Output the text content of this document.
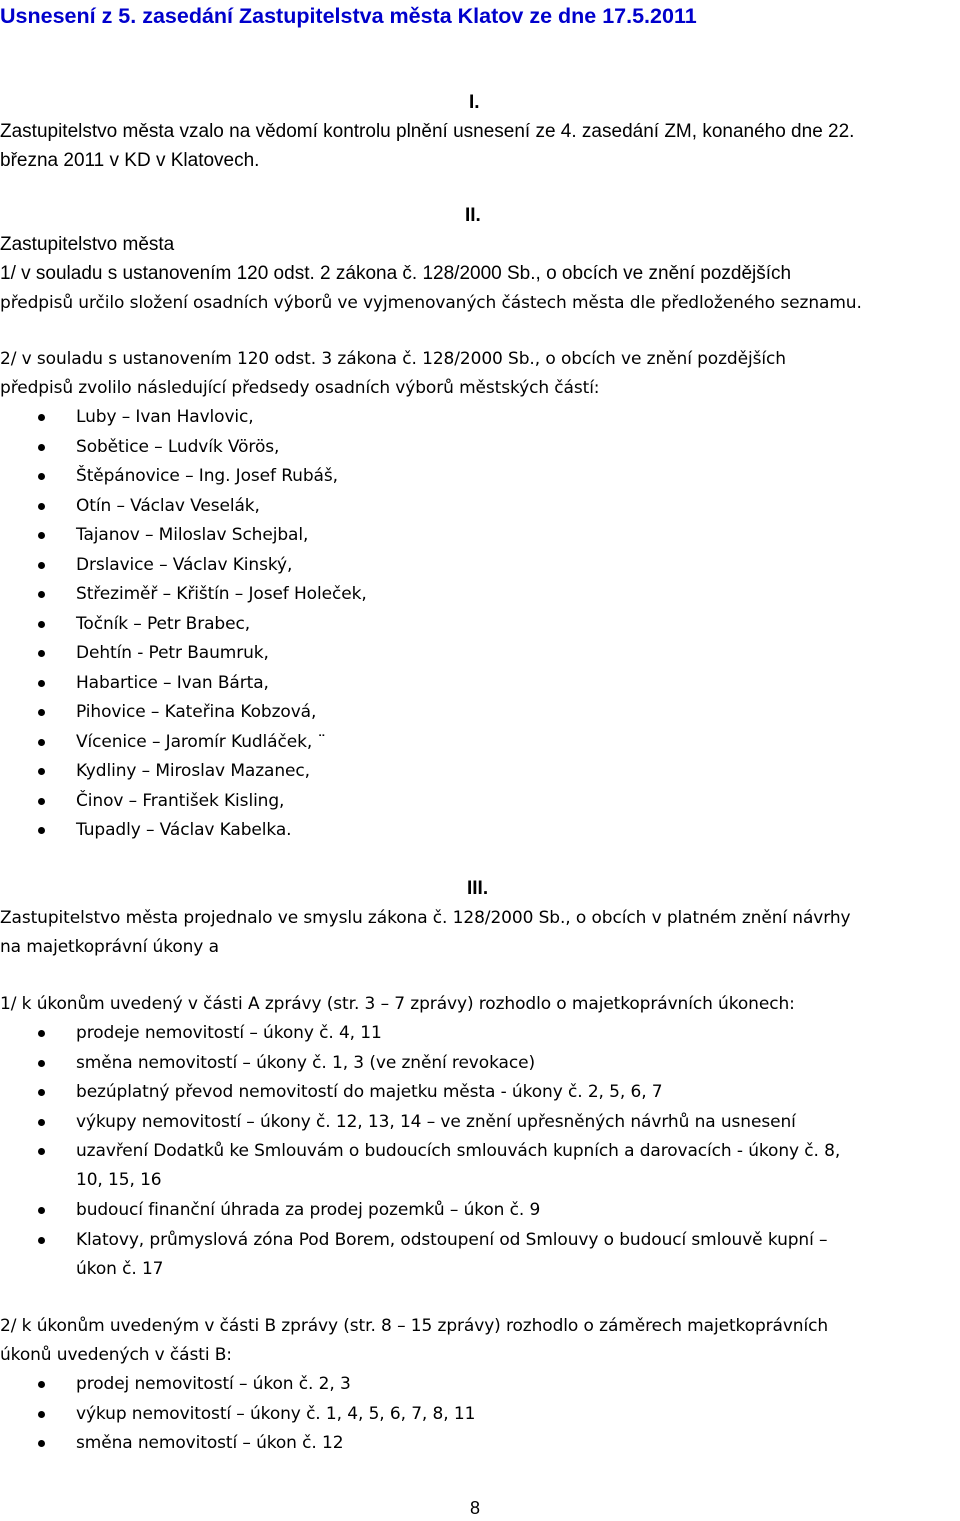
Usnesení z 5. zasedání Zastupitelstva města Klatov ze dne 17.5.2011
I.
Zastupitelstvo města vzalo na vědomí kontrolu plnění usnesení ze 4. zasedání ZM, konaného dne 22.
března 2011 v KD v Klatovech.
II.
Zastupitelstvo města
1/ v souladu s ustanovením 120 odst. 2 zákona č. 128/2000 Sb., o obcích ve znění pozdějších
předpisů určilo složení osadních výborů ve vyjmenovaných částech města dle předloženého seznamu.
2/ v souladu s ustanovením 120 odst. 3 zákona č. 128/2000 Sb., o obcích ve znění pozdějších
předpisů zvolilo následující předsedy osadních výborů městských částí:
Luby – Ivan Havlovic,
Sobětice – Ludvík Vörös,
Štěpánovice – Ing. Josef Rubáš,
Otín – Václav Veselák,
Tajanov – Miloslav Schejbal,
Drslavice – Václav Kinský,
Střeziměř – Křištín – Josef Holeček,
Točník – Petr Brabec,
Dehtín - Petr Baumruk,
Habartice – Ivan Bárta,
Pihovice – Kateřina Kobzová,
Vícenice – Jaromír Kudláček, ¨
Kydliny – Miroslav Mazanec,
Činov – František Kisling,
Tupadly – Václav Kabelka.
III.
Zastupitelstvo města projednalo ve smyslu zákona č. 128/2000 Sb., o obcích v platném znění návrhy
na majetkoprávní úkony a
1/ k úkonům uvedený v části A zprávy (str. 3 – 7 zprávy) rozhodlo o majetkoprávních úkonech:
prodeje nemovitostí – úkony č. 4, 11
směna nemovitostí – úkony č. 1, 3 (ve znění revokace)
bezúplatný převod nemovitostí do majetku města - úkony č. 2, 5, 6, 7
výkupy nemovitostí – úkony č. 12, 13, 14 – ve znění upřesněných návrhů na usnesení
uzavření Dodatků ke Smlouvám o budoucích smlouvách kupních a darovacích - úkony č. 8,
10, 15, 16
budoucí finanční úhrada za prodej pozemků – úkon č. 9
Klatovy, průmyslová zóna Pod Borem, odstoupení od Smlouvy o budoucí smlouvě kupní –
úkon č. 17
2/ k úkonům uvedeným v části B zprávy (str. 8 – 15 zprávy) rozhodlo o záměrech majetkoprávních
úkonů uvedených v části B:
prodej nemovitostí – úkon č. 2, 3
výkup nemovitostí – úkony č. 1, 4, 5, 6, 7, 8, 11
směna nemovitostí – úkon č. 12
8
